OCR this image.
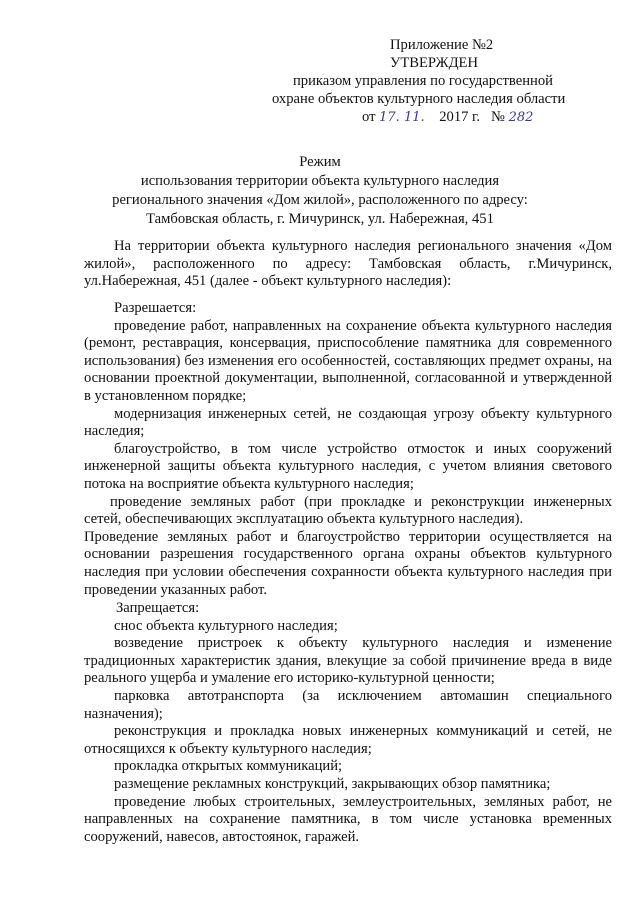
Приложение №2
УТВЕРЖДЕН
приказом управления по государственной
охране объектов культурного наследия области
от 17. 11. 2017 г. № 282
Режим
использования территории объекта культурного наследия
регионального значения «Дом жилой», расположенного по адресу:
Тамбовская область, г. Мичуринск, ул. Набережная, 451
На территории объекта культурного наследия регионального значения «Дом жилой», расположенного по адресу: Тамбовская область, г.Мичуринск, ул.Набережная, 451 (далее - объект культурного наследия):
Разрешается:
проведение работ, направленных на сохранение объекта культурного наследия (ремонт, реставрация, консервация, приспособление памятника для современного использования) без изменения его особенностей, составляющих предмет охраны, на основании проектной документации, выполненной, согласованной и утвержденной в установленном порядке;
модернизация инженерных сетей, не создающая угрозу объекту культурного наследия;
благоустройство, в том числе устройство отмосток и иных сооружений инженерной защиты объекта культурного наследия, с учетом влияния светового потока на восприятие объекта культурного наследия;
проведение земляных работ (при прокладке и реконструкции инженерных сетей, обеспечивающих эксплуатацию объекта культурного наследия).
Проведение земляных работ и благоустройство территории осуществляется на основании разрешения государственного органа охраны объектов культурного наследия при условии обеспечения сохранности объекта культурного наследия при проведении указанных работ.
Запрещается:
снос объекта культурного наследия;
возведение пристроек к объекту культурного наследия и изменение традиционных характеристик здания, влекущие за собой причинение вреда в виде реального ущерба и умаление его историко-культурной ценности;
парковка автотранспорта (за исключением автомашин специального назначения);
реконструкция и прокладка новых инженерных коммуникаций и сетей, не относящихся к объекту культурного наследия;
прокладка открытых коммуникаций;
размещение рекламных конструкций, закрывающих обзор памятника;
проведение любых строительных, землеустроительных, земляных работ, не направленных на сохранение памятника, в том числе установка временных сооружений, навесов, автостоянок, гаражей.
